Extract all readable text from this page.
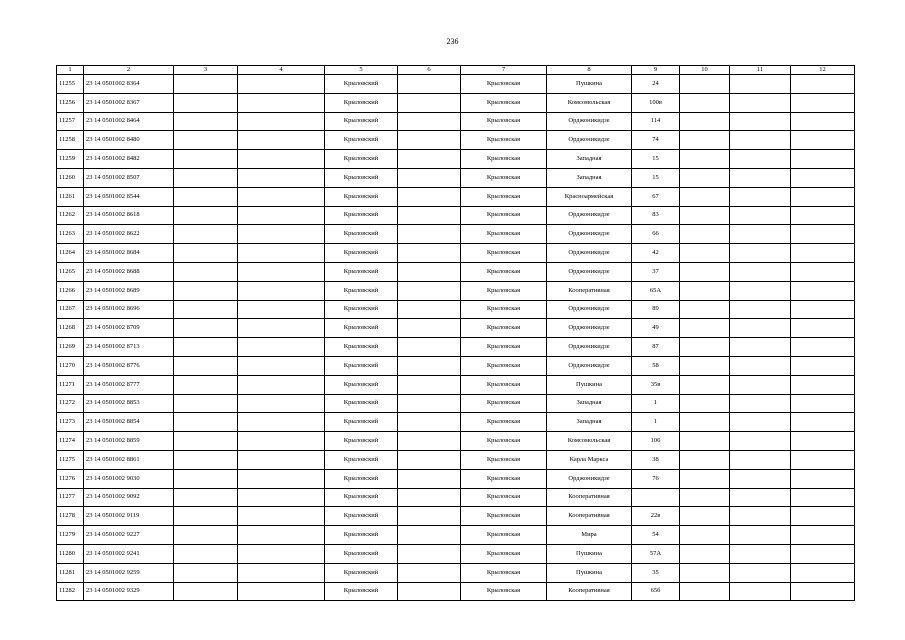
236
1	2	3	4	5	6	7	8	9	10	11	12
11255	23 14 0501002 8364			Крыловский		Крыловская	Пушкина	24			
11256	23 14 0501002 8367			Крыловский		Крыловская	Комсомольская	100в			
11257	23 14 0501002 8464			Крыловский		Крыловская	Орджоникидзе	114			
11258	23 14 0501002 8480			Крыловский		Крыловская	Орджоникидзе	74			
11259	23 14 0501002 8482			Крыловский		Крыловская	Западная	15			
11260	23 14 0501002 8507			Крыловский		Крыловская	Западная	15			
11261	23 14 0501002 8544			Крыловский		Крыловская	Красноармейская	67			
11262	23 14 0501002 8618			Крыловский		Крыловская	Орджоникидзе	83			
11263	23 14 0501002 8622			Крыловский		Крыловская	Орджоникидзе	66			
11264	23 14 0501002 8684			Крыловский		Крыловская	Орджоникидзе	42			
11265	23 14 0501002 8688			Крыловский		Крыловская	Орджоникидзе	37			
11266	23 14 0501002 8689			Крыловский		Крыловская	Кооперативная	65А			
11267	23 14 0501002 8696			Крыловский		Крыловская	Орджоникидзе	89			
11268	23 14 0501002 8709			Крыловский		Крыловская	Орджоникидзе	49			
11269	23 14 0501002 8713			Крыловский		Крыловская	Орджоникидзе	87			
11270	23 14 0501002 8776			Крыловский		Крыловская	Орджоникидзе	58			
11271	23 14 0501002 8777			Крыловский		Крыловская	Пушкина	35в			
11272	23 14 0501002 8853			Крыловский		Крыловская	Западная	1			
11273	23 14 0501002 8854			Крыловский		Крыловская	Западная	1			
11274	23 14 0501002 8859			Крыловский		Крыловская	Комсомольская	106			
11275	23 14 0501002 8861			Крыловский		Крыловская	Карла Маркса	38			
11276	23 14 0501002 9030			Крыловский		Крыловская	Орджоникидзе	76			
11277	23 14 0501002 9092			Крыловский		Крыловская	Кооперативная				
11278	23 14 0501002 9119			Крыловский		Крыловская	Кооперативная	22в			
11279	23 14 0501002 9227			Крыловский		Крыловская	Мира	54			
11280	23 14 0501002 9241			Крыловский		Крыловская	Пушкина	57А			
11281	23 14 0501002 9259			Крыловский		Крыловская	Пушкина	35			
11282	23 14 0501002 9329			Крыловский		Крыловская	Кооперативная	65б			
